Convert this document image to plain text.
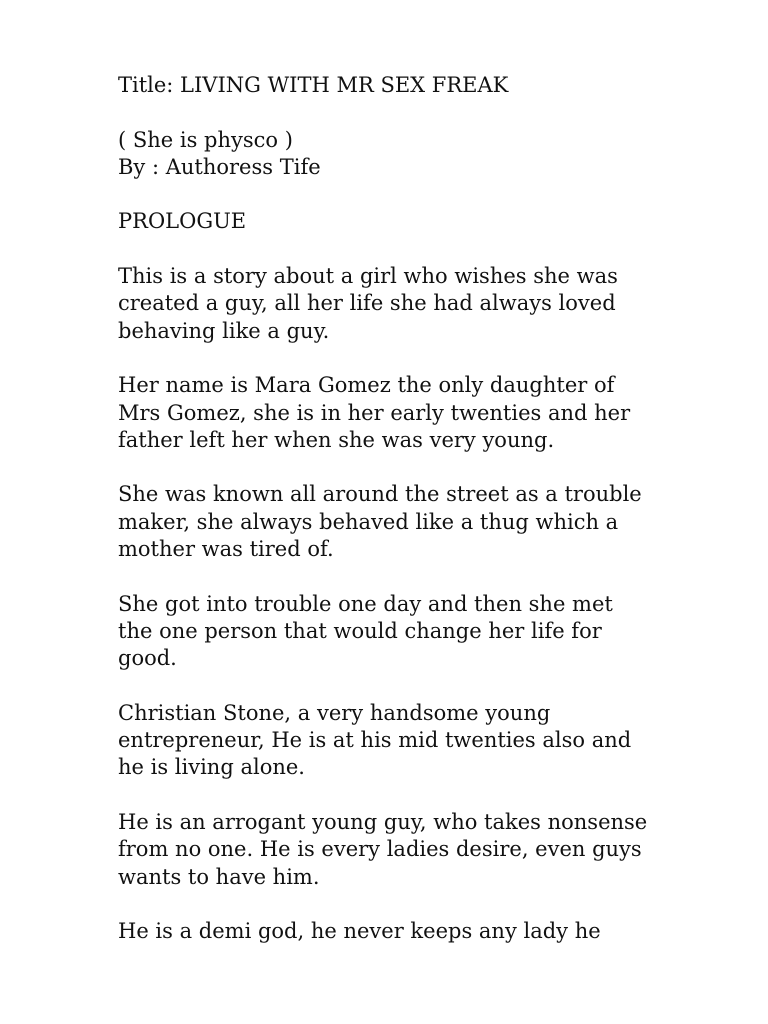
Title: LIVING WITH MR SEX FREAK

( She is physco )

By : Authoress Tife

PROLOGUE

This is a story about a girl who wishes she was

created a guy, all her life she had always loved

behaving like a guy.

Her name is Mara Gomez the only daughter of

Mrs Gomez, she is in her early twenties and her

father left her when she was very young.

She was known all around the street as a trouble

maker, she always behaved like a thug which a

mother was tired of.

She got into trouble one day and then she met

the one person that would change her life for

good.

Christian Stone, a very handsome young

entrepreneur, He is at his mid twenties also and

he is living alone.

He is an arrogant young guy, who takes nonsense

from no one. He is every ladies desire, even guys

wants to have him.

He is a demi god, he never keeps any lady he
